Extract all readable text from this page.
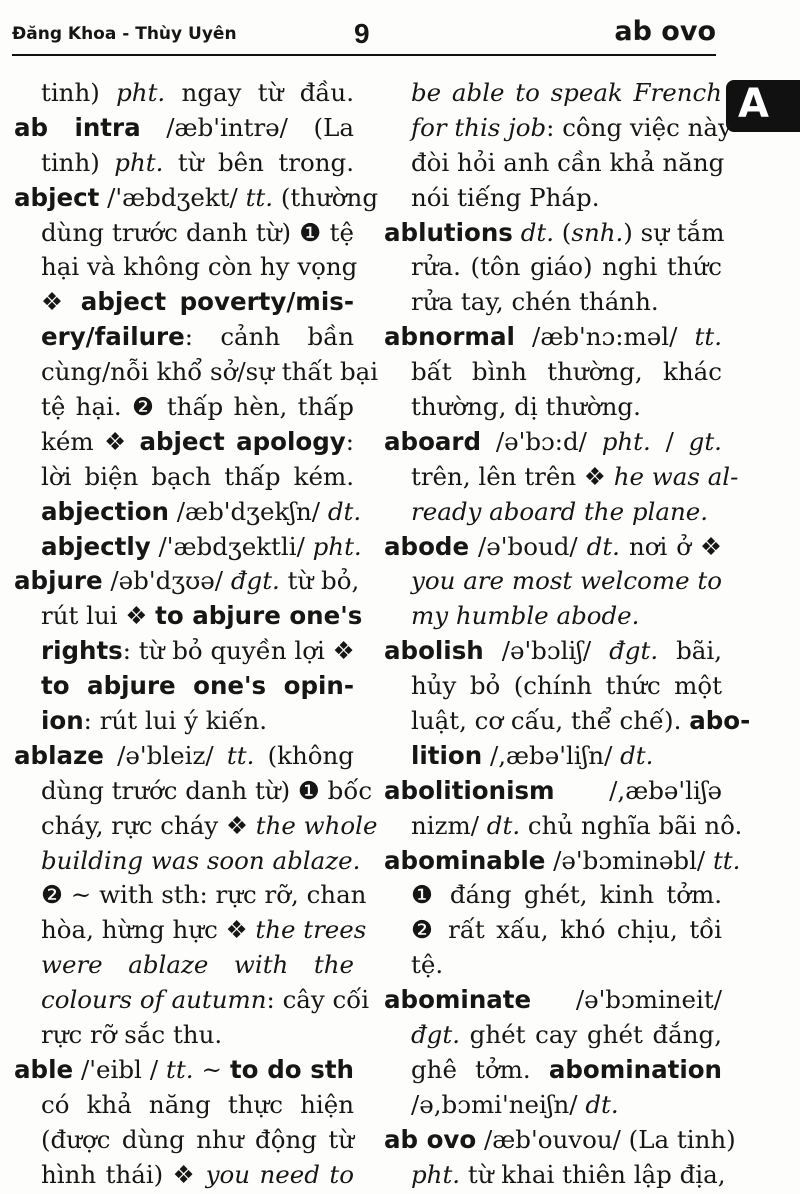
Đăng Khoa - Thùy Uyên	9	ab ovo
A
tinh) pht. ngay từ đầu.
ab intra /æb'intrə/ (La
tinh) pht. từ bên trong.
abject /'æbdʒekt/ tt. (thường
dùng trước danh từ) ❶ tệ
hại và không còn hy vọng
❖ abject poverty/mis-
ery/failure: cảnh bần
cùng/nỗi khổ sở/sự thất bại
tệ hại. ❷ thấp hèn, thấp
kém ❖ abject apology:
lời biện bạch thấp kém.
abjection /æb'dʒekʃn/ dt.
abjectly /'æbdʒektli/ pht.
abjure /əb'dʒʊə/ đgt. từ bỏ,
rút lui ❖ to abjure one's
rights: từ bỏ quyền lợi ❖
to abjure one's opin-
ion: rút lui ý kiến.
ablaze /ə'bleiz/ tt. (không
dùng trước danh từ) ❶ bốc
cháy, rực cháy ❖ the whole
building was soon ablaze.
❷ ~ with sth: rực rỡ, chan
hòa, hừng hực ❖ the trees
were ablaze with the
colours of autumn: cây cối
rực rỡ sắc thu.
able /'eibl / tt. ~ to do sth
có khả năng thực hiện
(được dùng như động từ
hình thái) ❖ you need to
be able to speak French
for this job: công việc này
đòi hỏi anh cần khả năng
nói tiếng Pháp.
ablutions dt. (snh.) sự tắm
rửa. (tôn giáo) nghi thức
rửa tay, chén thánh.
abnormal /æb'nɔ:məl/ tt.
bất bình thường, khác
thường, dị thường.
aboard /ə'bɔ:d/ pht. / gt.
trên, lên trên ❖ he was al-
ready aboard the plane.
abode /ə'boud/ dt. nơi ở ❖
you are most welcome to
my humble abode.
abolish /ə'bɔliʃ/ đgt. bãi,
hủy bỏ (chính thức một
luật, cơ cấu, thể chế). abo-
lition /,æbə'liʃn/ dt.
abolitionism /,æbə'liʃə
nizm/ dt. chủ nghĩa bãi nô.
abominable /ə'bɔminəbl/ tt.
❶ đáng ghét, kinh tởm.
❷ rất xấu, khó chịu, tồi
tệ.
abominate /ə'bɔmineit/
đgt. ghét cay ghét đắng,
ghê tởm. abomination
/ə,bɔmi'neiʃn/ dt.
ab ovo /æb'ouvou/ (La tinh)
pht. từ khai thiên lập địa,
